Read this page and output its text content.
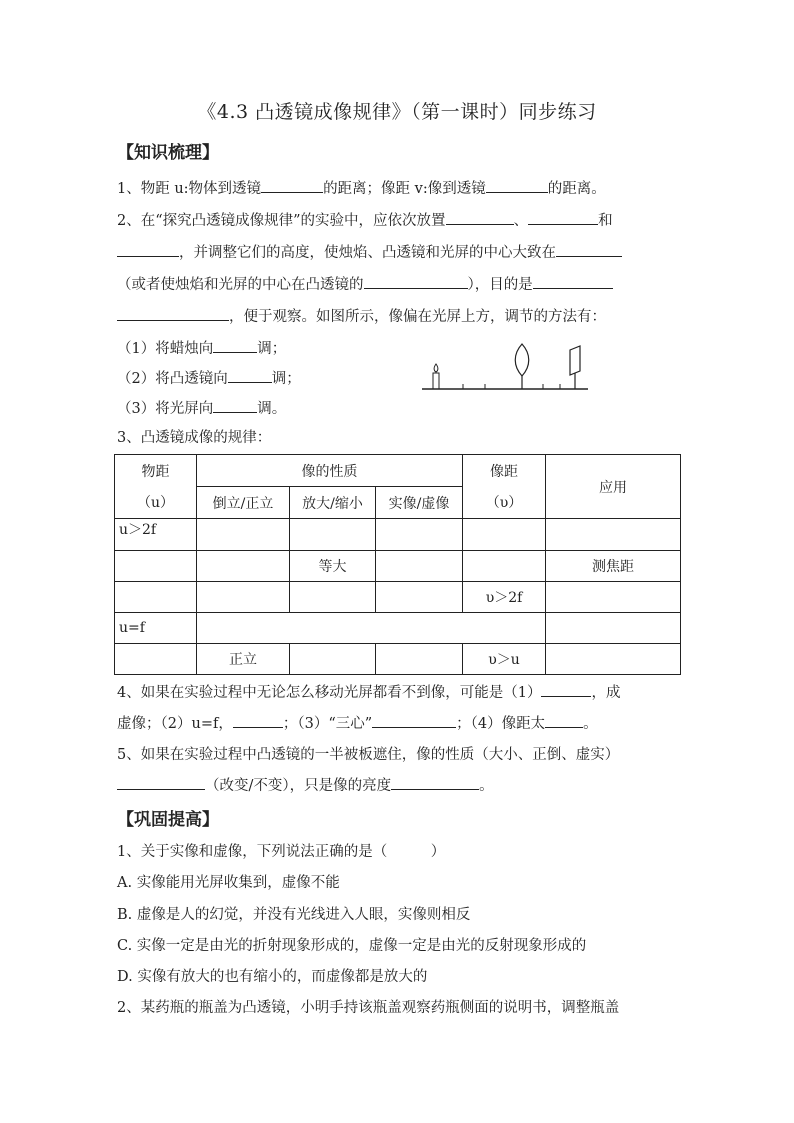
《4.3 凸透镜成像规律》（第一课时）同步练习
【知识梳理】
1、物距 u:物体到透镜	的距离；像距 v:像到透镜	的距离。
2、在“探究凸透镜成像规律”的实验中，应依次放置	、	和
，并调整它们的高度，使烛焰、凸透镜和光屏的中心大致在
（或者使烛焰和光屏的中心在凸透镜的	），目的是
，便于观察。如图所示，像偏在光屏上方，调节的方法有：
（1）将蜡烛向	调；
（2）将凸透镜向	调；
（3）将光屏向	调。
3、凸透镜成像的规律：
物距	像的性质			像距	应用
（u）	倒立/正立	放大/缩小	实像/虚像	（υ）	
u＞2f					
		等大			测焦距
				υ＞2f	
u=f					
	正立			υ＞u	
4、如果在实验过程中无论怎么移动光屏都看不到像，可能是（1）	，成
虚像；（2）u=f，	；（3）“三心”	；（4）像距太	。
5、如果在实验过程中凸透镜的一半被板遮住，像的性质（大小、正倒、虚实）
（改变/不变），只是像的亮度	。
【巩固提高】
1、关于实像和虚像，下列说法正确的是（　　　）
A. 实像能用光屏收集到，虚像不能
B. 虚像是人的幻觉，并没有光线进入人眼，实像则相反
C. 实像一定是由光的折射现象形成的，虚像一定是由光的反射现象形成的
D. 实像有放大的也有缩小的，而虚像都是放大的
2、某药瓶的瓶盖为凸透镜，小明手持该瓶盖观察药瓶侧面的说明书，调整瓶盖
